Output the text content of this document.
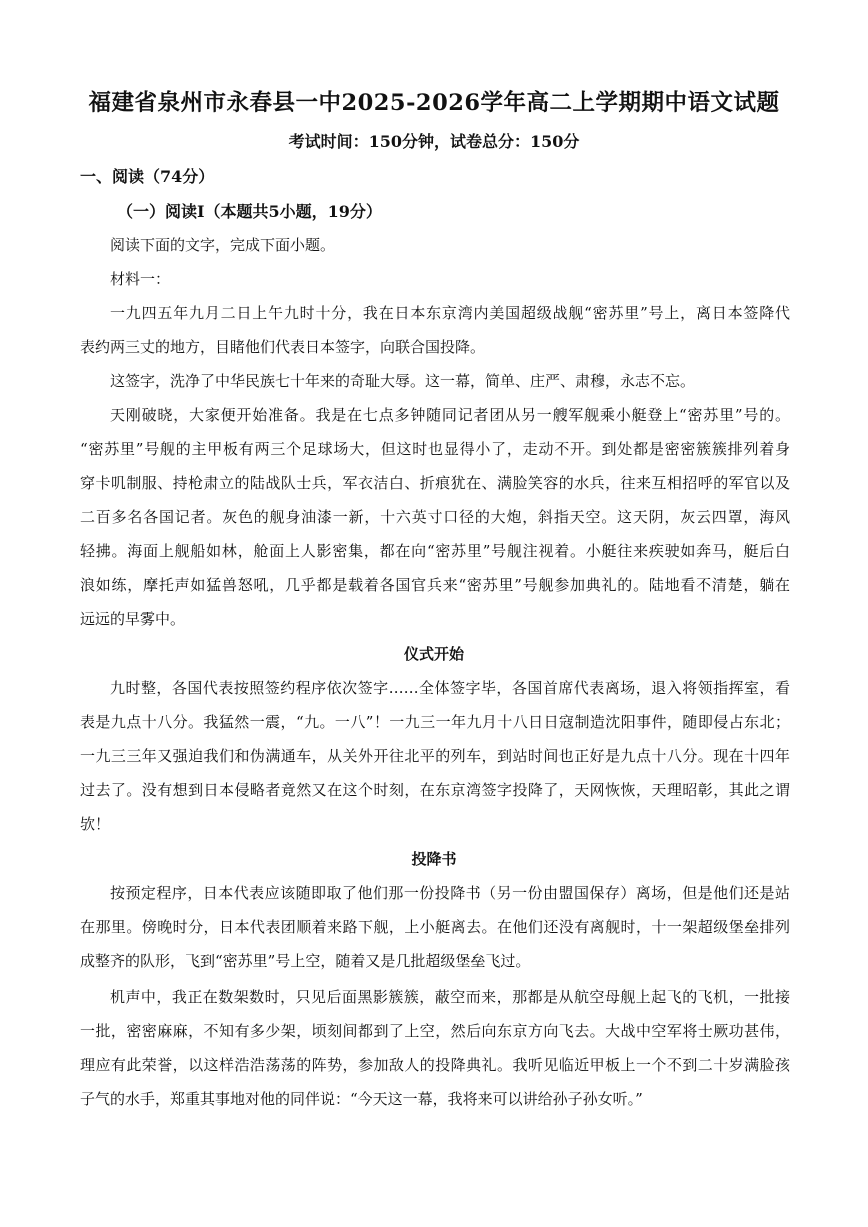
福建省泉州市永春县一中2025-2026学年高二上学期期中语文试题
考试时间：150分钟，试卷总分：150分
一、阅读（74分）
（一）阅读Ⅰ（本题共5小题，19分）
阅读下面的文字，完成下面小题。
材料一：
一九四五年九月二日上午九时十分，我在日本东京湾内美国超级战舰“密苏里”号上，离日本签降代
表约两三丈的地方，目睹他们代表日本签字，向联合国投降。
这签字，洗净了中华民族七十年来的奇耻大辱。这一幕，简单、庄严、肃穆，永志不忘。
天刚破晓，大家便开始准备。我是在七点多钟随同记者团从另一艘军舰乘小艇登上“密苏里”号的。
“密苏里”号舰的主甲板有两三个足球场大，但这时也显得小了，走动不开。到处都是密密簇簇排列着身
穿卡叽制服、持枪肃立的陆战队士兵，军衣洁白、折痕犹在、满脸笑容的水兵，往来互相招呼的军官以及
二百多名各国记者。灰色的舰身油漆一新，十六英寸口径的大炮，斜指天空。这天阴，灰云四罩，海风
轻拂。海面上舰船如林，舱面上人影密集，都在向“密苏里”号舰注视着。小艇往来疾驶如奔马，艇后白
浪如练，摩托声如猛兽怒吼，几乎都是载着各国官兵来“密苏里”号舰参加典礼的。陆地看不清楚，躺在
远远的早雾中。
仪式开始
九时整，各国代表按照签约程序依次签字……全体签字毕，各国首席代表离场，退入将领指挥室，看
表是九点十八分。我猛然一震，“九。一八”！一九三一年九月十八日日寇制造沈阳事件，随即侵占东北；
一九三三年又强迫我们和伪满通车，从关外开往北平的列车，到站时间也正好是九点十八分。现在十四年
过去了。没有想到日本侵略者竟然又在这个时刻，在东京湾签字投降了，天网恢恢，天理昭彰，其此之谓
欤！
投降书
按预定程序，日本代表应该随即取了他们那一份投降书（另一份由盟国保存）离场，但是他们还是站
在那里。傍晚时分，日本代表团顺着来路下舰，上小艇离去。在他们还没有离舰时，十一架超级堡垒排列
成整齐的队形，飞到“密苏里”号上空，随着又是几批超级堡垒飞过。
机声中，我正在数架数时，只见后面黑影簇簇，蔽空而来，那都是从航空母舰上起飞的飞机，一批接
一批，密密麻麻，不知有多少架，顷刻间都到了上空，然后向东京方向飞去。大战中空军将士厥功甚伟，
理应有此荣誉，以这样浩浩荡荡的阵势，参加敌人的投降典礼。我听见临近甲板上一个不到二十岁满脸孩
子气的水手，郑重其事地对他的同伴说：“今天这一幕，我将来可以讲给孙子孙女听。”
